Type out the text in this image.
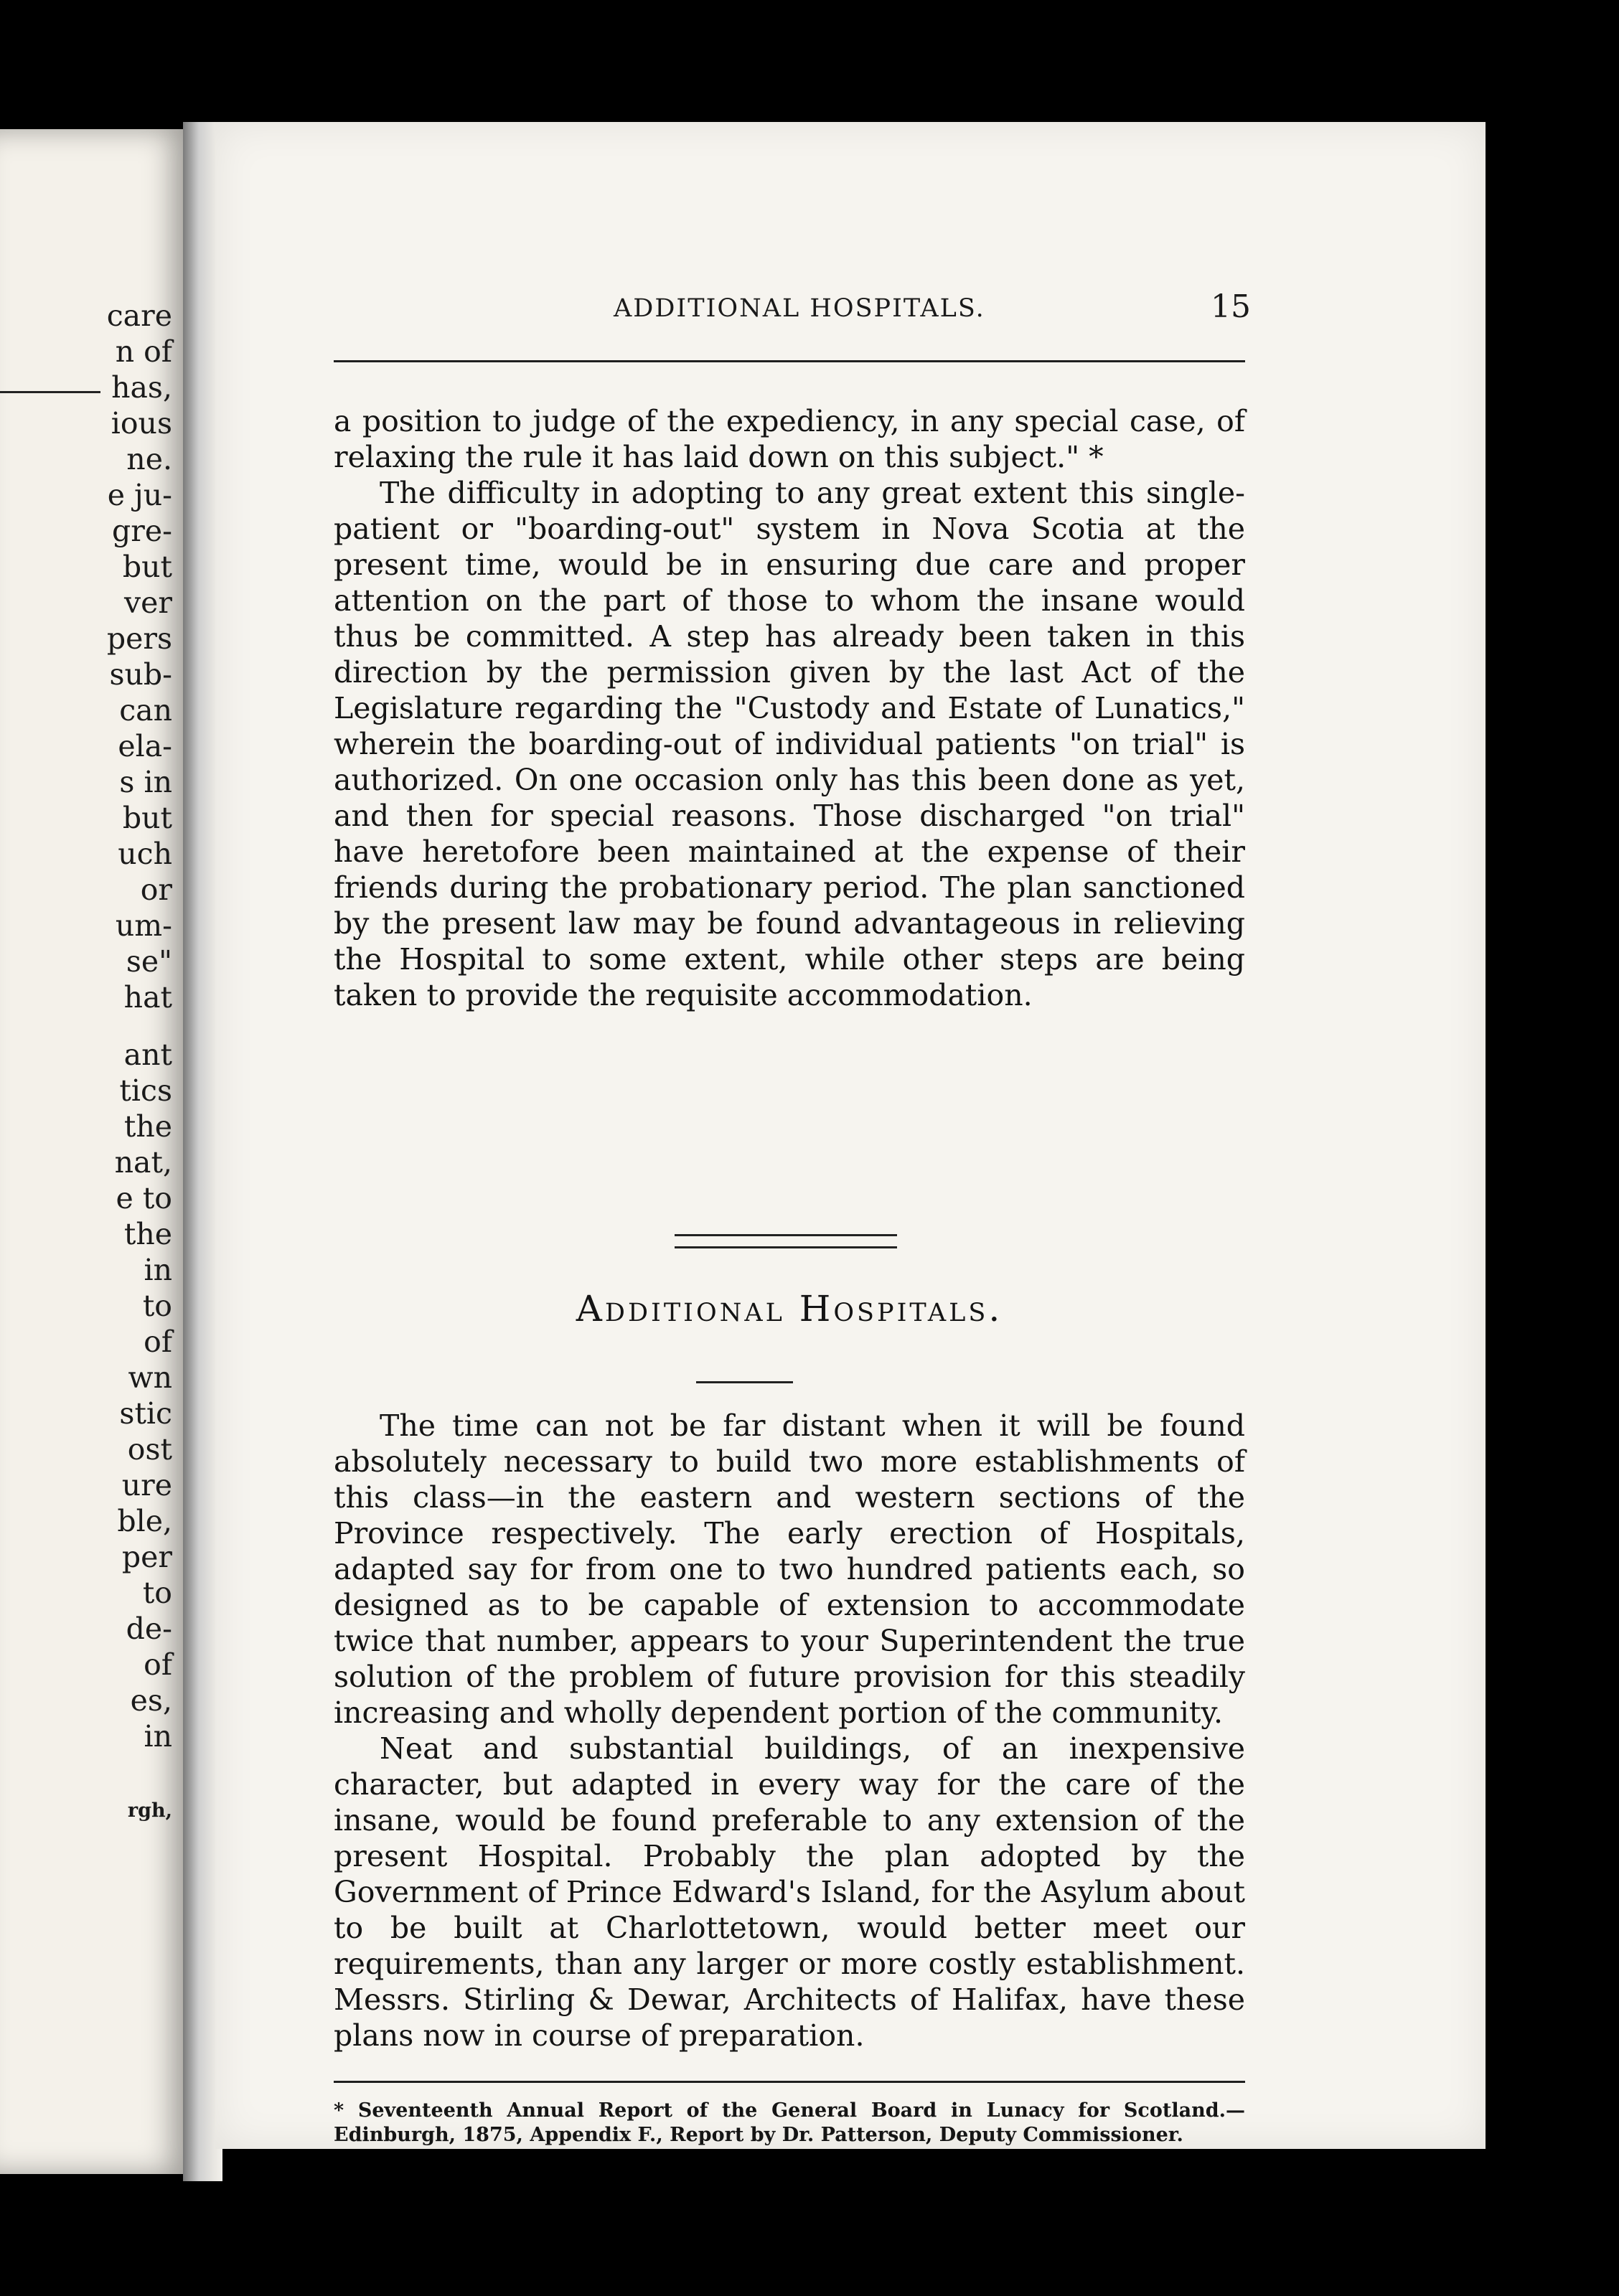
care
n of
has,
ious
ne.
e ju-
gre-
but
ver
pers
sub-
can
ela-
s in
but
uch
or
um-
se"
hat
ant
tics
the
nat,
e to
the
in
to
of
wn
stic
ost
ure
ble,
per
to
de-
of
es,
in
rgh,
ADDITIONAL HOSPITALS.	15

a position to judge of the expediency, in any special case, of relaxing the rule it has laid down on this subject." *

The difficulty in adopting to any great extent this single-patient or "boarding-out" system in Nova Scotia at the present time, would be in ensuring due care and proper attention on the part of those to whom the insane would thus be committed. A step has already been taken in this direction by the permission given by the last Act of the Legislature regarding the "Custody and Estate of Lunatics," wherein the boarding-out of individual patients "on trial" is authorized. On one occasion only has this been done as yet, and then for special reasons. Those discharged "on trial" have heretofore been maintained at the expense of their friends during the probationary period. The plan sanctioned by the present law may be found advantageous in relieving the Hospital to some extent, while other steps are being taken to provide the requisite accommodation.

Additional Hospitals.

The time can not be far distant when it will be found absolutely necessary to build two more establishments of this class—in the eastern and western sections of the Province respectively. The early erection of Hospitals, adapted say for from one to two hundred patients each, so designed as to be capable of extension to accommodate twice that number, appears to your Superintendent the true solution of the problem of future provision for this steadily increasing and wholly dependent portion of the community.

Neat and substantial buildings, of an inexpensive character, but adapted in every way for the care of the insane, would be found preferable to any extension of the present Hospital. Probably the plan adopted by the Government of Prince Edward's Island, for the Asylum about to be built at Charlottetown, would better meet our requirements, than any larger or more costly establishment. Messrs. Stirling & Dewar, Architects of Halifax, have these plans now in course of preparation.

* Seventeenth Annual Report of the General Board in Lunacy for Scotland.—Edinburgh, 1875, Appendix F., Report by Dr. Patterson, Deputy Commissioner.
